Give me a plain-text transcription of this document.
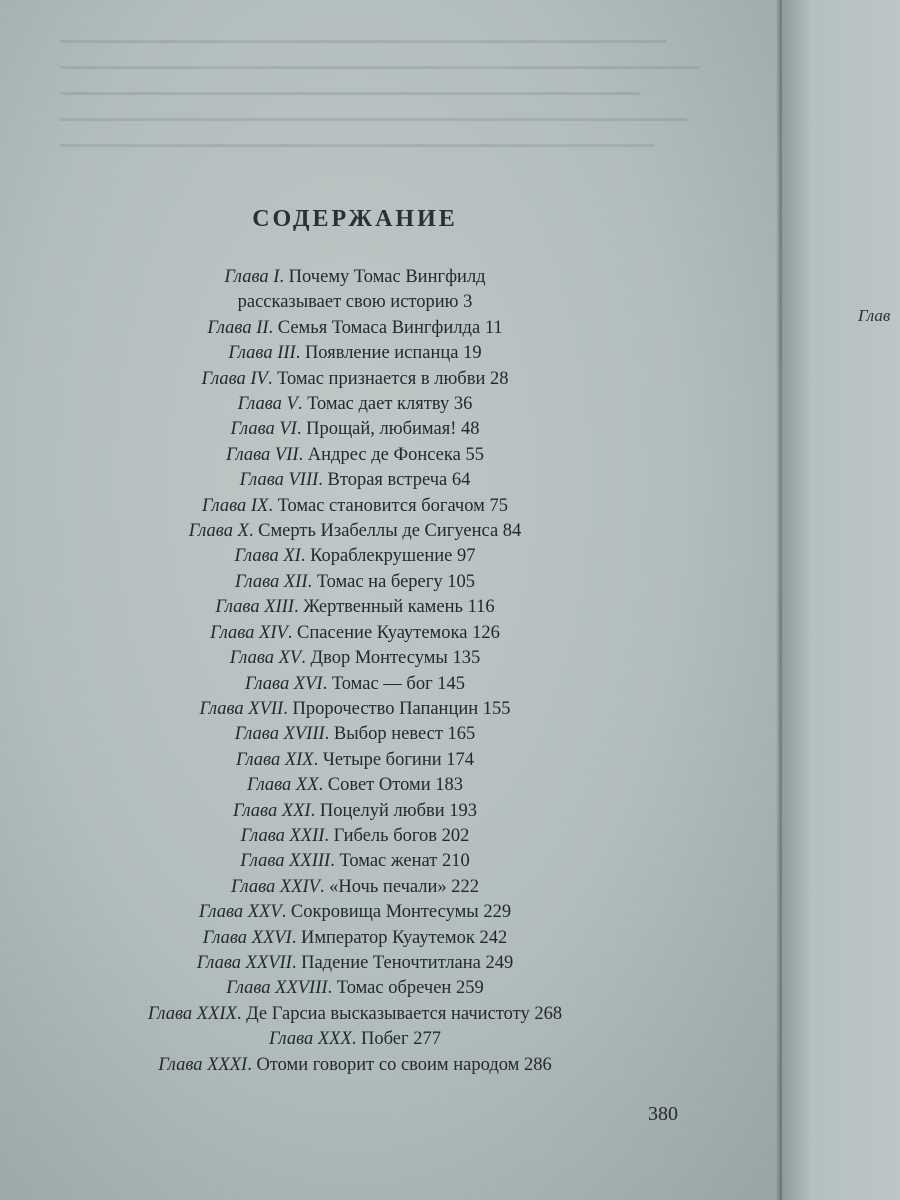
СОДЕРЖАНИЕ
Глава I. Почему Томас Вингфилд
рассказывает свою историю 3
Глава II. Семья Томаса Вингфилда 11
Глава III. Появление испанца 19
Глава IV. Томас признается в любви 28
Глава V. Томас дает клятву 36
Глава VI. Прощай, любимая! 48
Глава VII. Андрес де Фонсека 55
Глава VIII. Вторая встреча 64
Глава IX. Томас становится богачом 75
Глава X. Смерть Изабеллы де Сигуенса 84
Глава XI. Кораблекрушение 97
Глава XII. Томас на берегу 105
Глава XIII. Жертвенный камень 116
Глава XIV. Спасение Куаутемока 126
Глава XV. Двор Монтесумы 135
Глава XVI. Томас — бог 145
Глава XVII. Пророчество Папанцин 155
Глава XVIII. Выбор невест 165
Глава XIX. Четыре богини 174
Глава XX. Совет Отоми 183
Глава XXI. Поцелуй любви 193
Глава XXII. Гибель богов 202
Глава XXIII. Томас женат 210
Глава XXIV. «Ночь печали» 222
Глава XXV. Сокровища Монтесумы 229
Глава XXVI. Император Куаутемок 242
Глава XXVII. Падение Теночтитлана 249
Глава XXVIII. Томас обречен 259
Глава XXIX. Де Гарсиа высказывается начистоту 268
Глава XXX. Побег 277
Глава XXXI. Отоми говорит со своим народом 286
380
Глав
